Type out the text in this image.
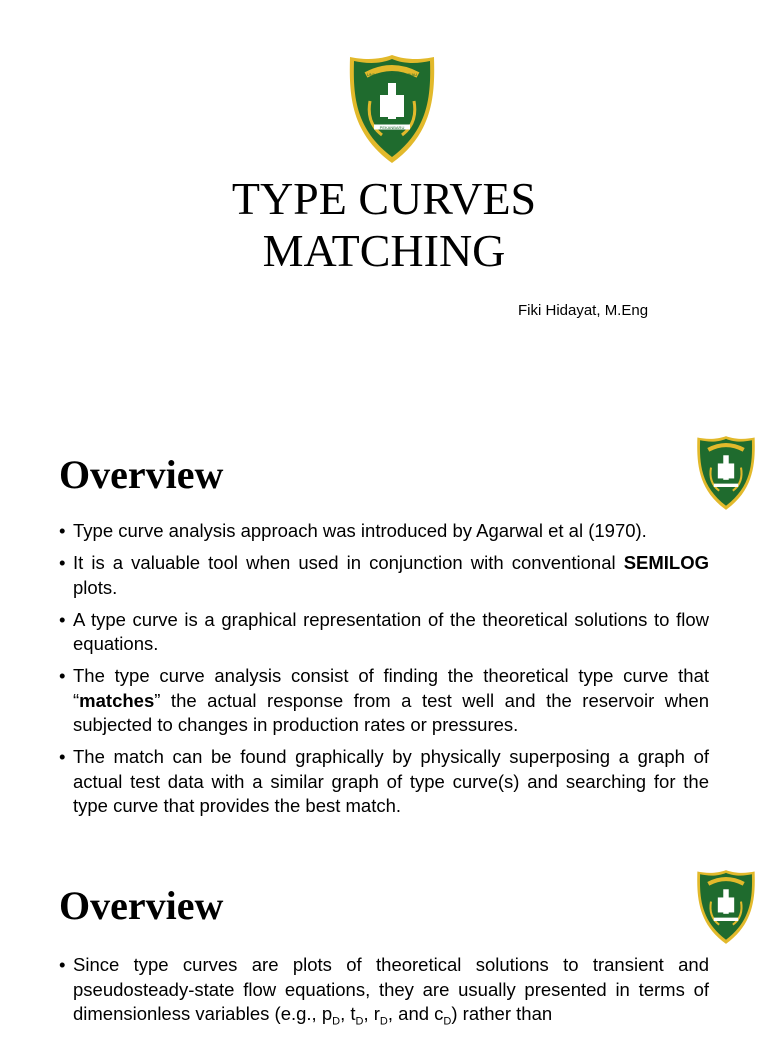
UNIVERSITAS ISLAM RIAU
PEKANBARU
TYPE CURVES
MATCHING
Fiki Hidayat, M.Eng
Overview
• Type curve analysis approach was introduced by Agarwal et al (1970).
• It is a valuable tool when used in conjunction with conventional SEMILOG plots.
• A type curve is a graphical representation of the theoretical solutions to flow equations.
• The type curve analysis consist of finding the theoretical type curve that “matches” the actual response from a test well and the reservoir when subjected to changes in production rates or pressures.
• The match can be found graphically by physically superposing a graph of actual test data with a similar graph of type curve(s) and searching for the type curve that provides the best match.
Overview
• Since type curves are plots of theoretical solutions to transient and pseudosteady-state flow equations, they are usually presented in terms of dimensionless variables (e.g., $p_D$, $t_D$, $r_D$, and $c_D$) rather than
